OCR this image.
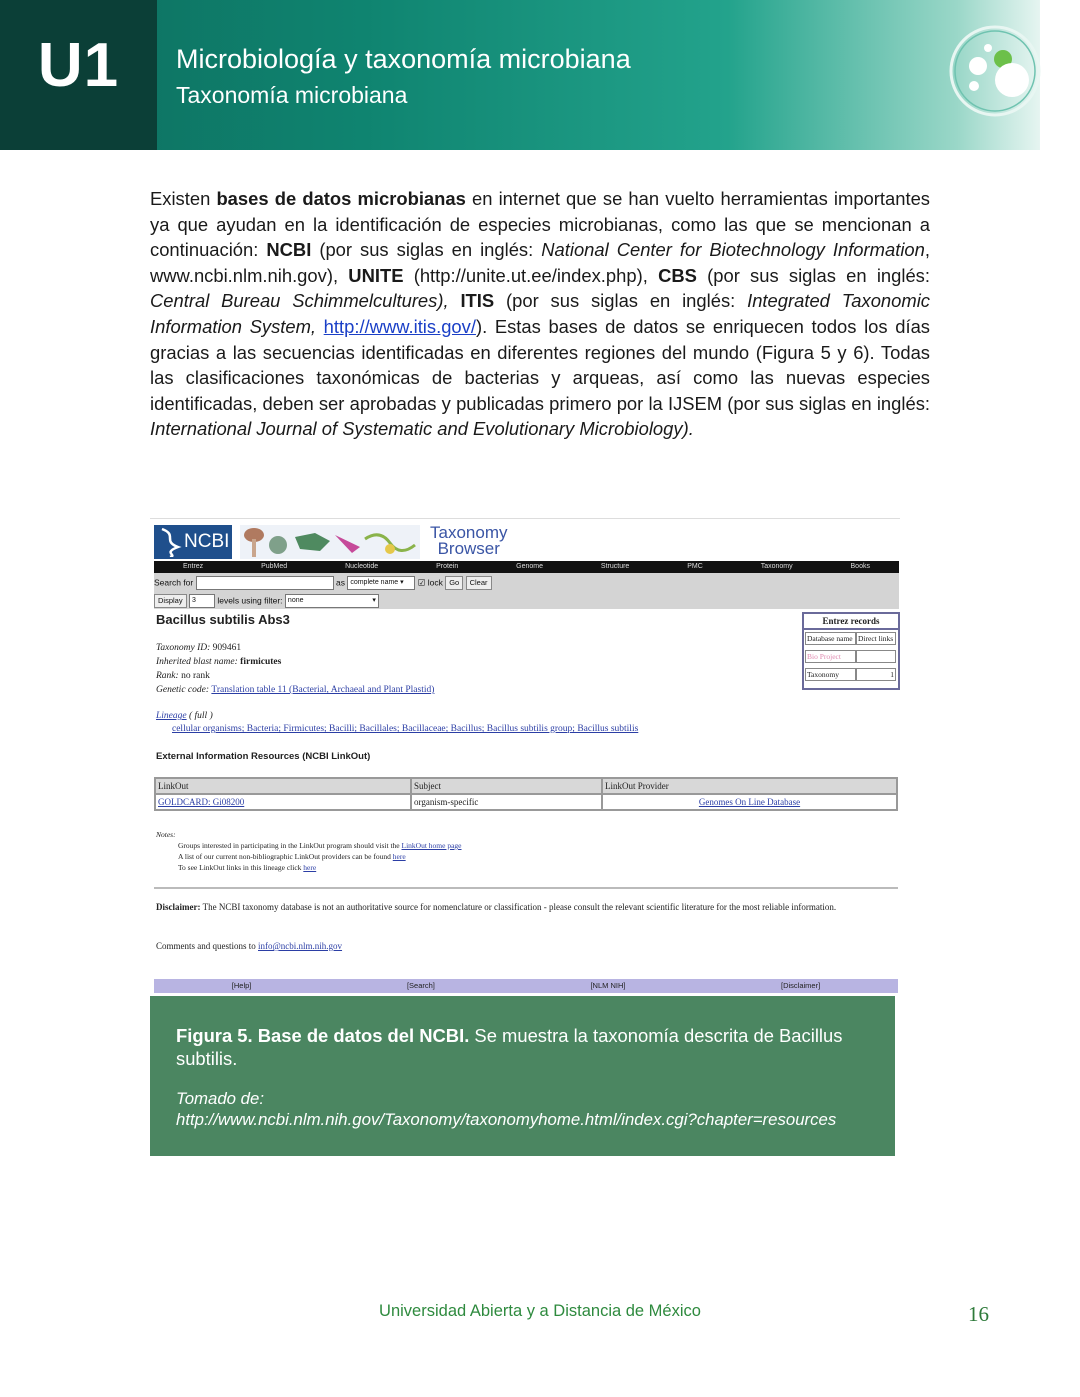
U1	Microbiología y taxonomía microbiana
Taxonomía microbiana

Existen bases de datos microbianas en internet que se han vuelto herramientas importantes ya que ayudan en la identificación de especies microbianas, como las que se mencionan a continuación: NCBI (por sus siglas en inglés: National Center for Biotechnology Information, www.ncbi.nlm.nih.gov), UNITE (http://unite.ut.ee/index.php), CBS (por sus siglas en inglés: Central Bureau Schimmelcultures), ITIS (por sus siglas en inglés: Integrated Taxonomic Information System, http://www.itis.gov/). Estas bases de datos se enriquecen todos los días gracias a las secuencias identificadas en diferentes regiones del mundo (Figura 5 y 6). Todas las clasificaciones taxonómicas de bacterias y arqueas, así como las nuevas especies identificadas, deben ser aprobadas y publicadas primero por la IJSEM (por sus siglas en inglés: International Journal of Systematic and Evolutionary Microbiology).

NCBI	Taxonomy
Browser
Entrez	PubMed	Nucleotide	Protein	Genome	Structure	PMC	Taxonomy	Books
Search for	as complete name ▾ ☑ lock Go Clear
Display 3	levels using filter: none	▾
Bacillus subtilis Abs3
Taxonomy ID: 909461
Inherited blast name: firmicutes
Rank: no rank
Genetic code: Translation table 11 (Bacterial, Archaeal and Plant Plastid)
Lineage ( full )
cellular organisms; Bacteria; Firmicutes; Bacilli; Bacillales; Bacillaceae; Bacillus; Bacillus subtilis group; Bacillus subtilis
Entrez records
Database name Direct links
Bio Project
Taxonomy	1
External Information Resources (NCBI LinkOut)
LinkOut	Subject	LinkOut Provider
GOLDCARD: Gi08200	organism-specific	Genomes On Line Database
Notes:
Groups interested in participating in the LinkOut program should visit the LinkOut home page
A list of our current non-bibliographic LinkOut providers can be found here
To see LinkOut links in this lineage click here
Disclaimer: The NCBI taxonomy database is not an authoritative source for nomenclature or classification - please consult the relevant scientific literature for the most reliable information.
Comments and questions to info@ncbi.nlm.nih.gov
[Help]	[Search]	[NLM NIH]	[Disclaimer]
Figura 5. Base de datos del NCBI. Se muestra la taxonomía descrita de Bacillus subtilis.
Tomado de:
http://www.ncbi.nlm.nih.gov/Taxonomy/taxonomyhome.html/index.cgi?chapter=resources
Universidad Abierta y a Distancia de México	16
